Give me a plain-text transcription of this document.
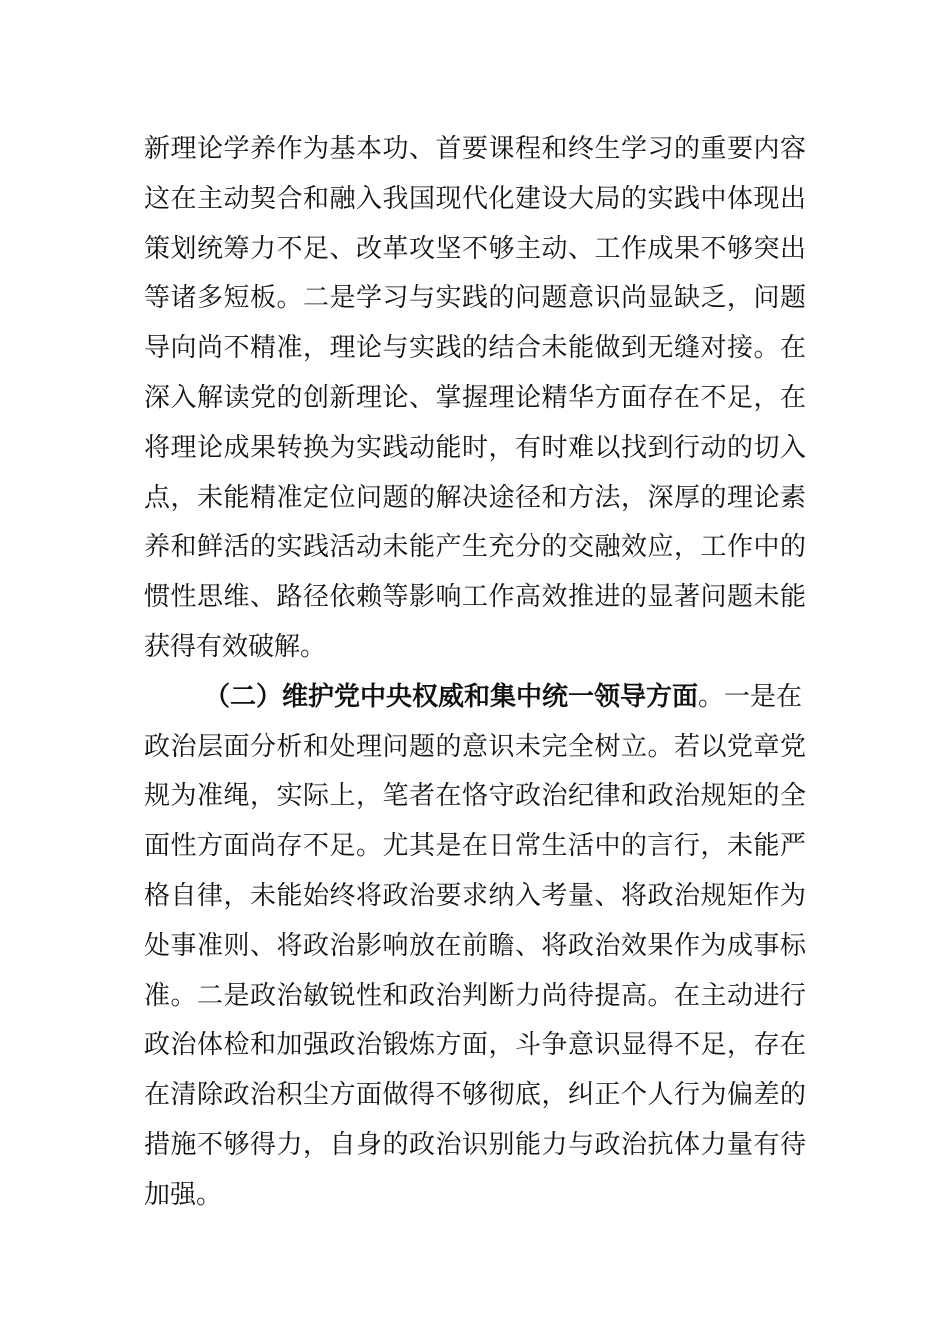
新理论学养作为基本功、首要课程和终生学习的重要内容
这在主动契合和融入我国现代化建设大局的实践中体现出
策划统筹力不足、改革攻坚不够主动、工作成果不够突出
等诸多短板。二是学习与实践的问题意识尚显缺乏，问题
导向尚不精准，理论与实践的结合未能做到无缝对接。在
深入解读党的创新理论、掌握理论精华方面存在不足，在
将理论成果转换为实践动能时，有时难以找到行动的切入
点，未能精准定位问题的解决途径和方法，深厚的理论素
养和鲜活的实践活动未能产生充分的交融效应，工作中的
惯性思维、路径依赖等影响工作高效推进的显著问题未能
获得有效破解。
（二）维护党中央权威和集中统一领导方面。一是在
政治层面分析和处理问题的意识未完全树立。若以党章党
规为准绳，实际上，笔者在恪守政治纪律和政治规矩的全
面性方面尚存不足。尤其是在日常生活中的言行，未能严
格自律，未能始终将政治要求纳入考量、将政治规矩作为
处事准则、将政治影响放在前瞻、将政治效果作为成事标
准。二是政治敏锐性和政治判断力尚待提高。在主动进行
政治体检和加强政治锻炼方面，斗争意识显得不足，存在
在清除政治积尘方面做得不够彻底，纠正个人行为偏差的
措施不够得力，自身的政治识别能力与政治抗体力量有待
加强。
